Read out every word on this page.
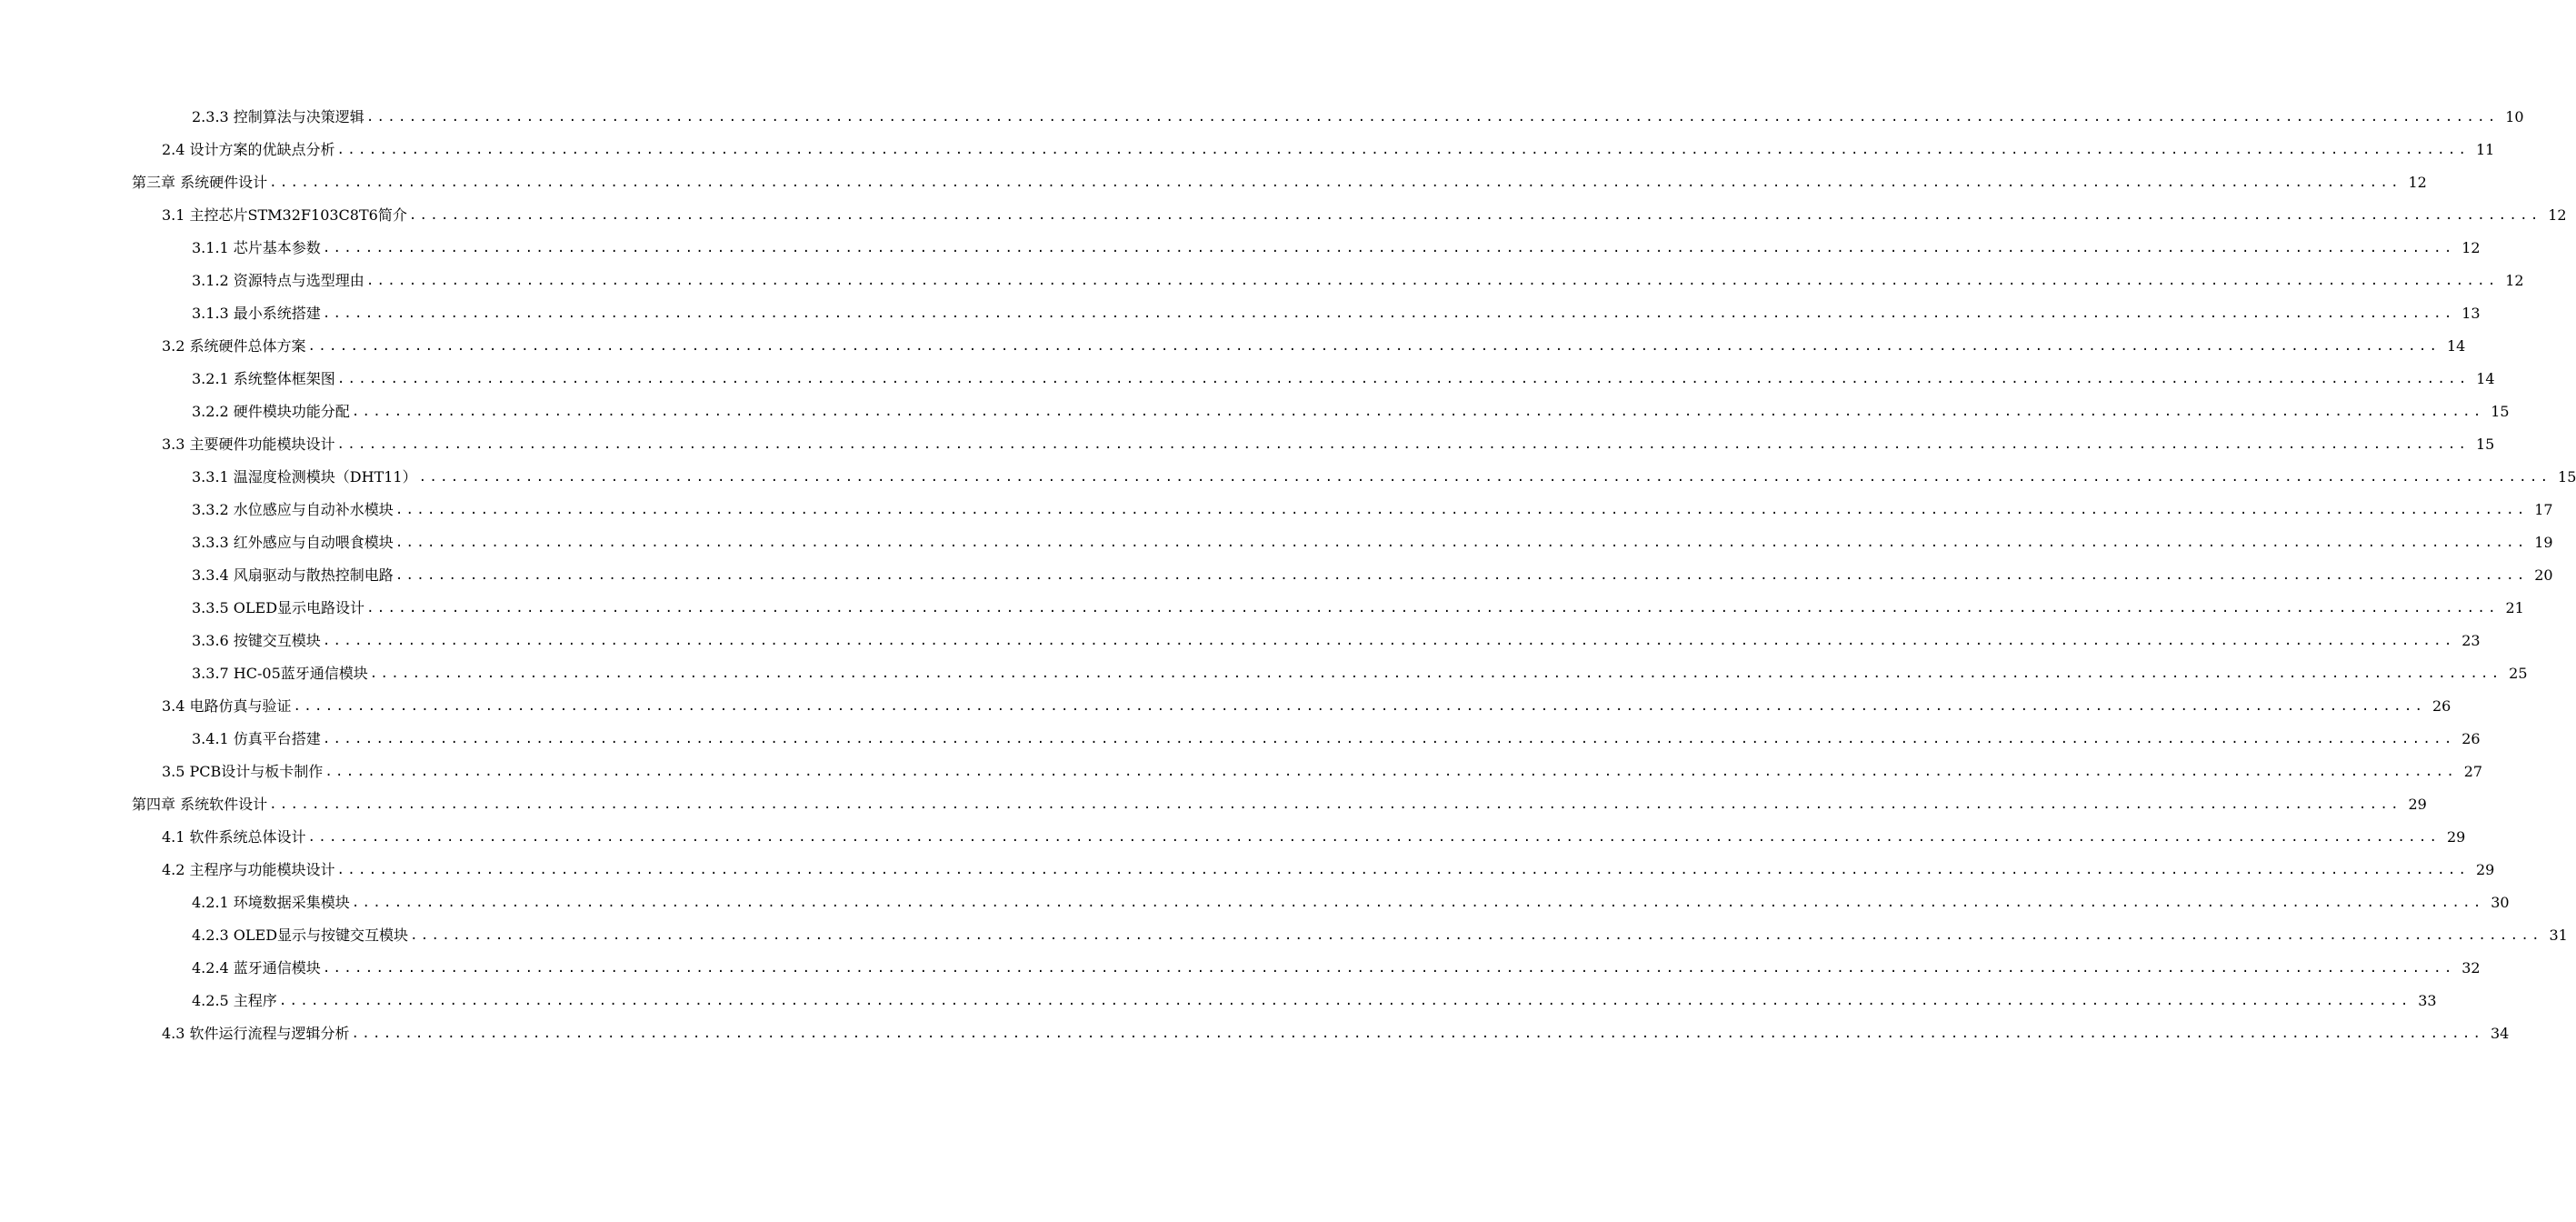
2.3.3 控制算法与决策逻辑 ........................................................................................................................................................................................................ 10
2.4 设计方案的优缺点分析 ........................................................................................................................................................................................................ 11
第三章 系统硬件设计 ........................................................................................................................................................................................................ 12
3.1 主控芯片STM32F103C8T6简介 ........................................................................................................................................................................................................ 12
3.1.1 芯片基本参数 ........................................................................................................................................................................................................ 12
3.1.2 资源特点与选型理由 ........................................................................................................................................................................................................ 12
3.1.3 最小系统搭建 ........................................................................................................................................................................................................ 13
3.2 系统硬件总体方案 ........................................................................................................................................................................................................ 14
3.2.1 系统整体框架图 ........................................................................................................................................................................................................ 14
3.2.2 硬件模块功能分配 ........................................................................................................................................................................................................ 15
3.3 主要硬件功能模块设计 ........................................................................................................................................................................................................ 15
3.3.1 温湿度检测模块（DHT11） ........................................................................................................................................................................................................ 15
3.3.2 水位感应与自动补水模块 ........................................................................................................................................................................................................ 17
3.3.3 红外感应与自动喂食模块 ........................................................................................................................................................................................................ 19
3.3.4 风扇驱动与散热控制电路 ........................................................................................................................................................................................................ 20
3.3.5 OLED显示电路设计 ........................................................................................................................................................................................................ 21
3.3.6 按键交互模块 ........................................................................................................................................................................................................ 23
3.3.7 HC-05蓝牙通信模块 ........................................................................................................................................................................................................ 25
3.4 电路仿真与验证 ........................................................................................................................................................................................................ 26
3.4.1 仿真平台搭建 ........................................................................................................................................................................................................ 26
3.5 PCB设计与板卡制作 ........................................................................................................................................................................................................ 27
第四章 系统软件设计 ........................................................................................................................................................................................................ 29
4.1 软件系统总体设计 ........................................................................................................................................................................................................ 29
4.2 主程序与功能模块设计 ........................................................................................................................................................................................................ 29
4.2.1 环境数据采集模块 ........................................................................................................................................................................................................ 30
4.2.3 OLED显示与按键交互模块 ........................................................................................................................................................................................................ 31
4.2.4 蓝牙通信模块 ........................................................................................................................................................................................................ 32
4.2.5 主程序 ........................................................................................................................................................................................................ 33
4.3 软件运行流程与逻辑分析 ........................................................................................................................................................................................................ 34
